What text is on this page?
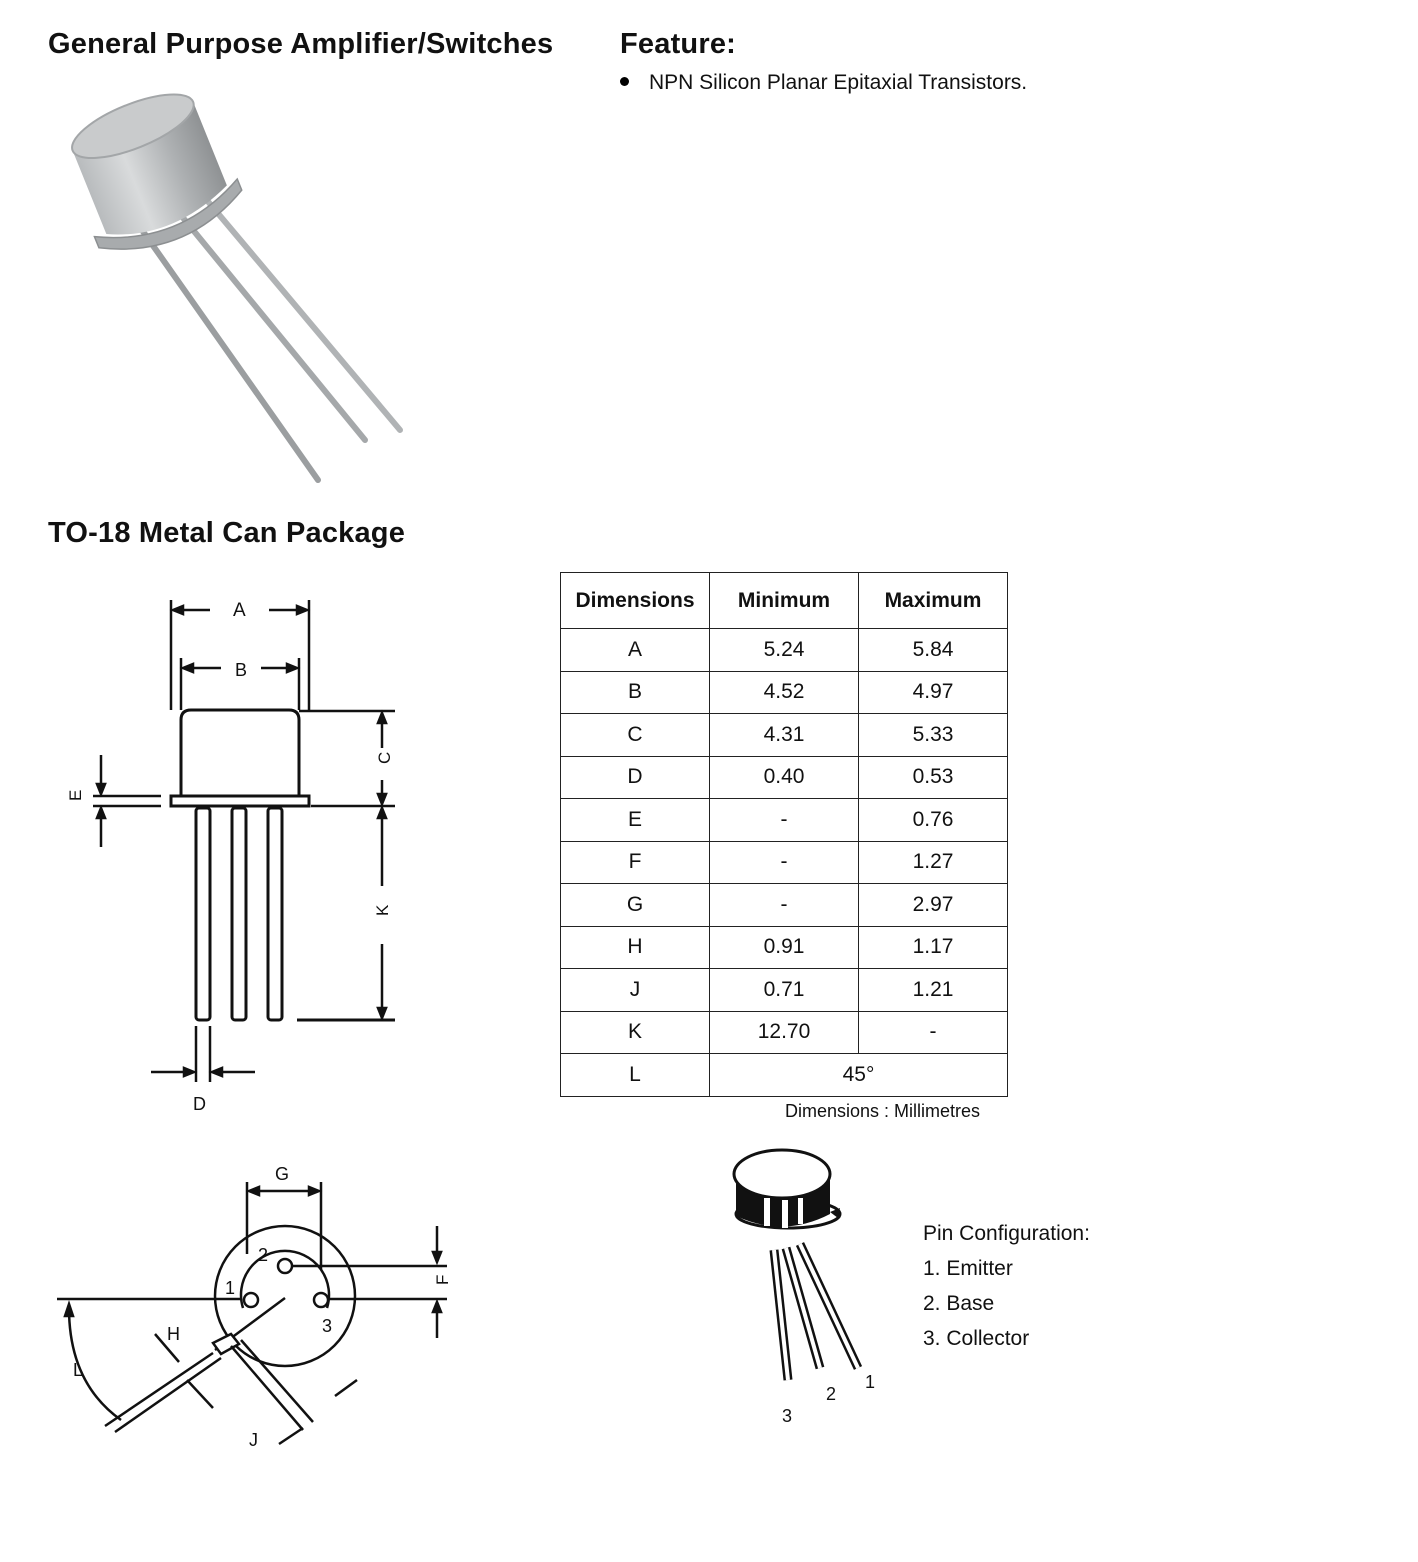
General Purpose Amplifier/Switches Feature:
NPN Silicon Planar Epitaxial Transistors.
TO-18 Metal Can Package
A
B
E
C
K
D
G
2
1
3
F
H
J
L
Dimensions	Minimum	Maximum
A	5.24	5.84
B	4.52	4.97
C	4.31	5.33
D	0.40	0.53
E	-	0.76
F	-	1.27
G	-	2.97
H	0.91	1.17
J	0.71	1.21
K	12.70	-
L	45°	
Dimensions : Millimetres
1
2
3
Pin Configuration:
1. Emitter
2. Base
3. Collector
